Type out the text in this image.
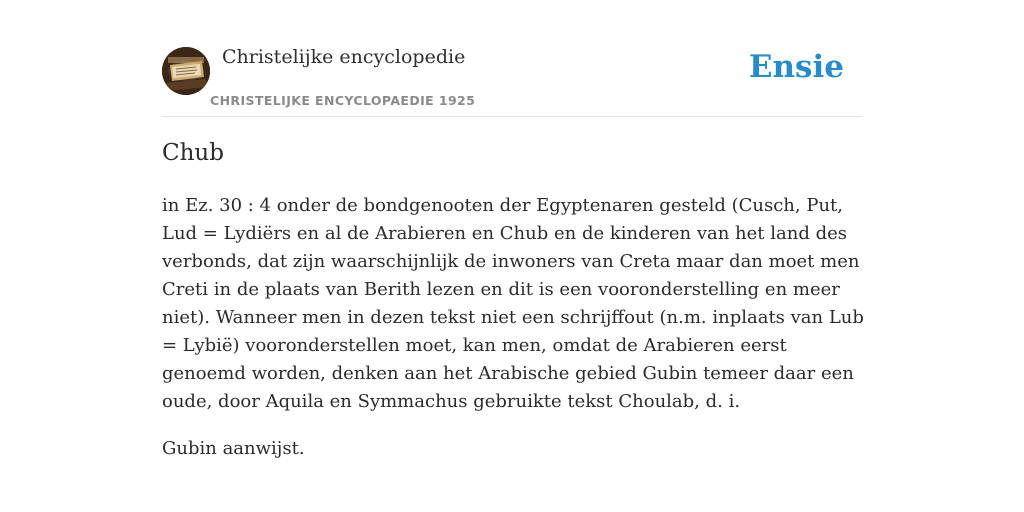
Christelijke encyclopedie
CHRISTELIJKE ENCYCLOPAEDIE 1925
Ensie
Chub

in Ez. 30 : 4 onder de bondgenooten der Egyptenaren gesteld (Cusch, Put, Lud = Lydiërs en al de Arabieren en Chub en de kinderen van het land des verbonds, dat zijn waarschijnlijk de inwoners van Creta maar dan moet men Creti in de plaats van Berith lezen en dit is een vooronderstelling en meer niet). Wanneer men in dezen tekst niet een schrijffout (n.m. inplaats van Lub = Lybië) vooronderstellen moet, kan men, omdat de Arabieren eerst genoemd worden, denken aan het Arabische gebied Gubin temeer daar een oude, door Aquila en Symmachus gebruikte tekst Choulab, d. i.

Gubin aanwijst.
